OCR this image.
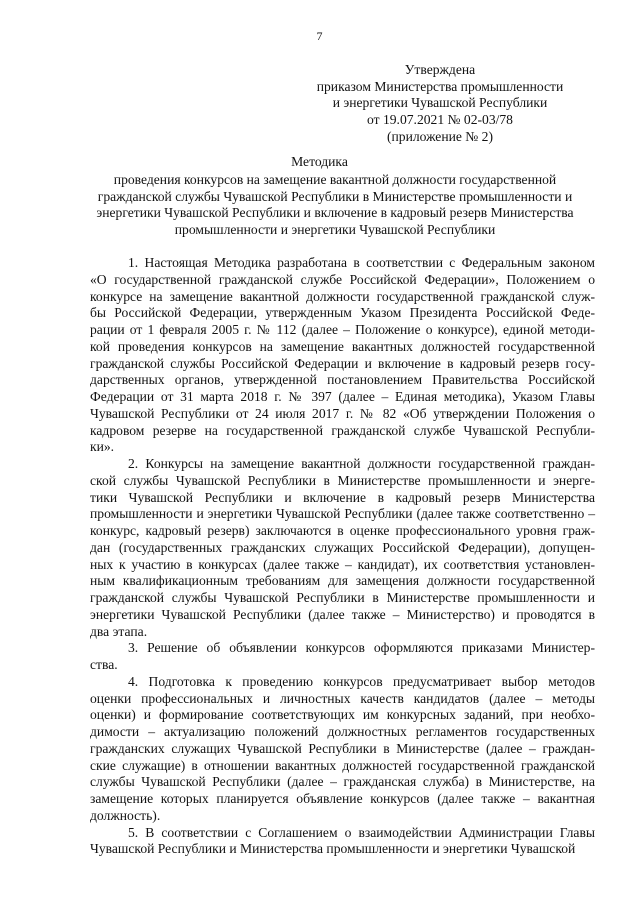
7
Утверждена
приказом Министерства промышленности
и энергетики Чувашской Республики
от 19.07.2021 № 02-03/78
(приложение № 2)
Методика
проведения конкурсов на замещение вакантной должности государственной
гражданской службы Чувашской Республики в Министерстве промышленности и
энергетики Чувашской Республики и включение в кадровый резерв Министерства
промышленности и энергетики Чувашской Республики
1. Настоящая Методика разработана в соответствии с Федеральным законом
«О государственной гражданской службе Российской Федерации», Положением о
конкурсе на замещение вакантной должности государственной гражданской служ-
бы Российской Федерации, утвержденным Указом Президента Российской Феде-
рации от 1 февраля 2005 г. № 112 (далее – Положение о конкурсе), единой методи-
кой проведения конкурсов на замещение вакантных должностей государственной
гражданской службы Российской Федерации и включение в кадровый резерв госу-
дарственных органов, утвержденной постановлением Правительства Российской
Федерации от 31 марта 2018 г. № 397 (далее – Единая методика), Указом Главы
Чувашской Республики от 24 июля 2017 г. № 82 «Об утверждении Положения о
кадровом резерве на государственной гражданской службе Чувашской Республи-
ки».
2. Конкурсы на замещение вакантной должности государственной граждан-
ской службы Чувашской Республики в Министерстве промышленности и энерге-
тики Чувашской Республики и включение в кадровый резерв Министерства
промышленности и энергетики Чувашской Республики (далее также соответственно –
конкурс, кадровый резерв) заключаются в оценке профессионального уровня граж-
дан (государственных гражданских служащих Российской Федерации), допущен-
ных к участию в конкурсах (далее также – кандидат), их соответствия установлен-
ным квалификационным требованиям для замещения должности государственной
гражданской службы Чувашской Республики в Министерстве промышленности и
энергетики Чувашской Республики (далее также – Министерство) и проводятся в
два этапа.
3. Решение об объявлении конкурсов оформляются приказами Министер-
ства.
4. Подготовка к проведению конкурсов предусматривает выбор методов
оценки профессиональных и личностных качеств кандидатов (далее – методы
оценки) и формирование соответствующих им конкурсных заданий, при необхо-
димости – актуализацию положений должностных регламентов государственных
гражданских служащих Чувашской Республики в Министерстве (далее – граждан-
ские служащие) в отношении вакантных должностей государственной гражданской
службы Чувашской Республики (далее – гражданская служба) в Министерстве, на
замещение которых планируется объявление конкурсов (далее также – вакантная
должность).
5. В соответствии с Соглашением о взаимодействии Администрации Главы
Чувашской Республики и Министерства промышленности и энергетики Чувашской
